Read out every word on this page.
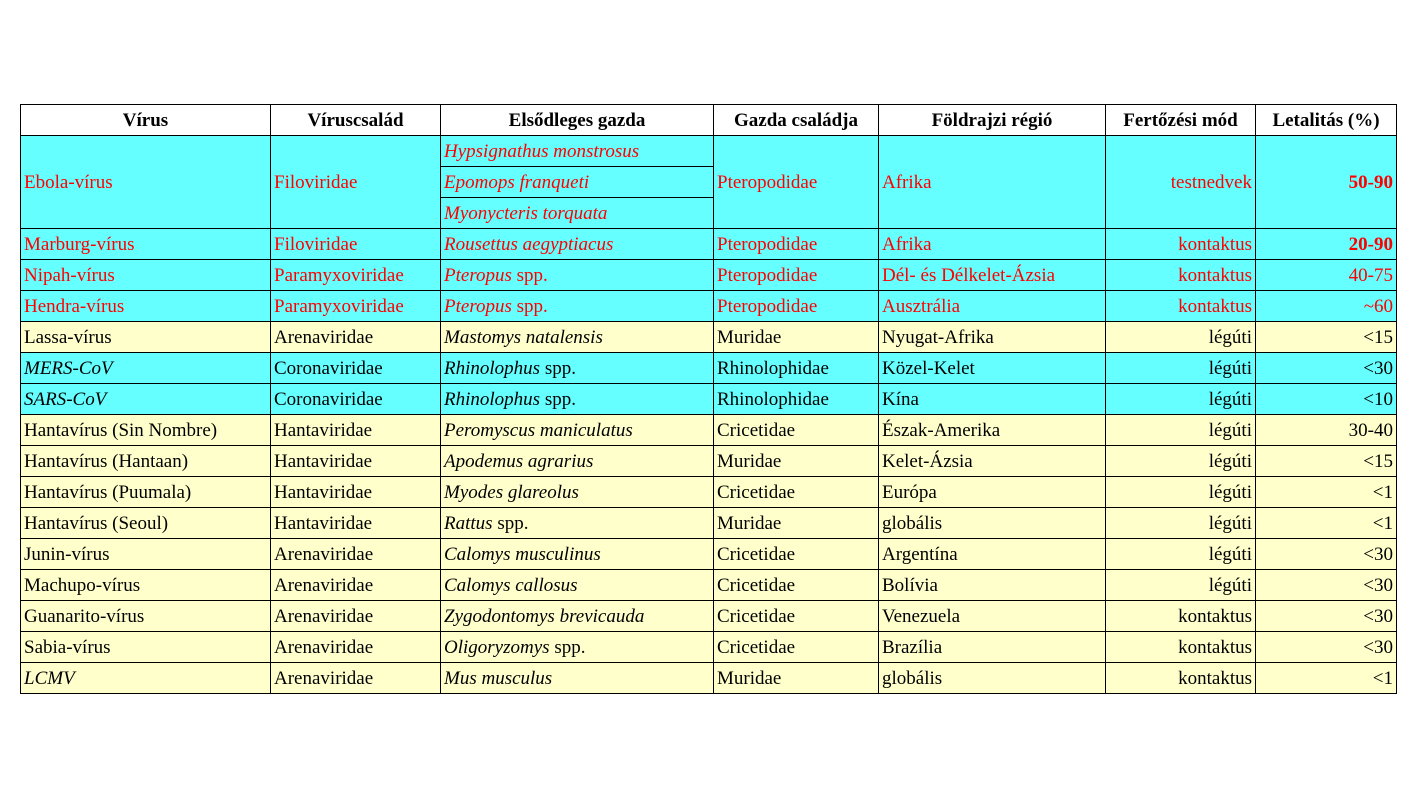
Vírus	Víruscsalád	Elsődleges gazda	Gazda családja	Földrajzi régió	Fertőzési mód	Letalitás (%)
Ebola-vírus	Filoviridae	Hypsignathus monstrosus	Pteropodidae	Afrika	testnedvek	50-90
		Epomops franqueti				
		Myonycteris torquata				
Marburg-vírus	Filoviridae	Rousettus aegyptiacus	Pteropodidae	Afrika	kontaktus	20-90
Nipah-vírus	Paramyxoviridae	Pteropus spp.	Pteropodidae	Dél- és Délkelet-Ázsia	kontaktus	40-75
Hendra-vírus	Paramyxoviridae	Pteropus spp.	Pteropodidae	Ausztrália	kontaktus	~60
Lassa-vírus	Arenaviridae	Mastomys natalensis	Muridae	Nyugat-Afrika	légúti	<15
MERS-CoV	Coronaviridae	Rhinolophus spp.	Rhinolophidae	Közel-Kelet	légúti	<30
SARS-CoV	Coronaviridae	Rhinolophus spp.	Rhinolophidae	Kína	légúti	<10
Hantavírus (Sin Nombre)	Hantaviridae	Peromyscus maniculatus	Cricetidae	Észak-Amerika	légúti	30-40
Hantavírus (Hantaan)	Hantaviridae	Apodemus agrarius	Muridae	Kelet-Ázsia	légúti	<15
Hantavírus (Puumala)	Hantaviridae	Myodes glareolus	Cricetidae	Európa	légúti	<1
Hantavírus (Seoul)	Hantaviridae	Rattus spp.	Muridae	globális	légúti	<1
Junin-vírus	Arenaviridae	Calomys musculinus	Cricetidae	Argentína	légúti	<30
Machupo-vírus	Arenaviridae	Calomys callosus	Cricetidae	Bolívia	légúti	<30
Guanarito-vírus	Arenaviridae	Zygodontomys brevicauda	Cricetidae	Venezuela	kontaktus	<30
Sabia-vírus	Arenaviridae	Oligoryzomys spp.	Cricetidae	Brazília	kontaktus	<30
LCMV	Arenaviridae	Mus musculus	Muridae	globális	kontaktus	<1
